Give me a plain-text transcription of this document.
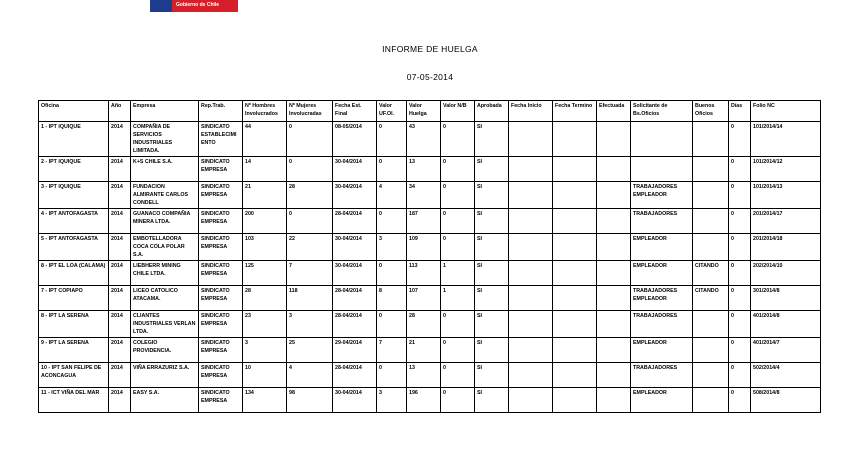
Gobierno de Chile
INFORME DE HUELGA
07-05-2014
Oficina	Año	Empresa	Rep.Trab.	Nº Hombres Involucrados	Nº Mujeres Involucradas	Fecha Est. Final	Valor UF.Ol.	Valor Huelga	Valor N/B	Aprobada	Fecha Inicio	Fecha Termino	Efectuada	Solicitante de Bs.Oficios	Buenos Oficios	Días	Folio NC
1 - IPT IQUIQUE	2014	COMPAÑIA DE SERVICIOS INDUSTRIALES LIMITADA.	SINDICATO ESTABLECIMIENTO	44	0	08-05/2014	0	43	0	SI						0	101/2014/14
2 - IPT IQUIQUE	2014	K+S CHILE S.A.	SINDICATO EMPRESA	14	0	30-04/2014	0	13	0	SI						0	101/2014/12
3 - IPT IQUIQUE	2014	FUNDACION ALMIRANTE CARLOS CONDELL	SINDICATO EMPRESA	21	28	30-04/2014	4	34	0	SI				TRABAJADORES EMPLEADOR		0	101/2014/13
4 - IPT ANTOFAGASTA	2014	GUANACO COMPAÑIA MINERA LTDA.	SINDICATO EMPRESA	200	0	28-04/2014	0	187	0	SI				TRABAJADORES		0	201/2014/17
5 - IPT ANTOFAGASTA	2014	EMBOTELLADORA COCA COLA POLAR S.A.	SINDICATO EMPRESA	103	22	30-04/2014	3	109	0	SI				EMPLEADOR		0	201/2014/18
8 - IPT EL LOA (CALAMA)	2014	LIEBHERR MINING CHILE LTDA.	SINDICATO EMPRESA	125	7	30-04/2014	0	113	1	SI				EMPLEADOR	CITANDO	0	202/2014/10
7 - IPT COPIAPO	2014	LICEO CATOLICO ATACAMA.	SINDICATO EMPRESA	28	118	28-04/2014	8	107	1	SI				TRABAJADORES EMPLEADOR	CITANDO	0	301/2014/8
8 - IPT LA SERENA	2014	CLIANTES INDUSTRIALES VERLAN LTDA.	SINDICATO EMPRESA	23	3	28-04/2014	0	28	0	SI				TRABAJADORES		0	401/2014/8
9 - IPT LA SERENA	2014	COLEGIO PROVIDENCIA.	SINDICATO EMPRESA	3	25	29-04/2014	7	21	0	SI				EMPLEADOR		0	401/2014/7
10 - IPT SAN FELIPE DE ACONCAGUA	2014	VIÑA ERRAZURIZ S.A.	SINDICATO EMPRESA	10	4	28-04/2014	0	13	0	SI				TRABAJADORES		0	502/2014/4
11 - ICT VIÑA DEL MAR	2014	EASY S.A.	SINDICATO EMPRESA	134	98	30-04/2014	3	196	0	SI				EMPLEADOR		0	508/2014/8
